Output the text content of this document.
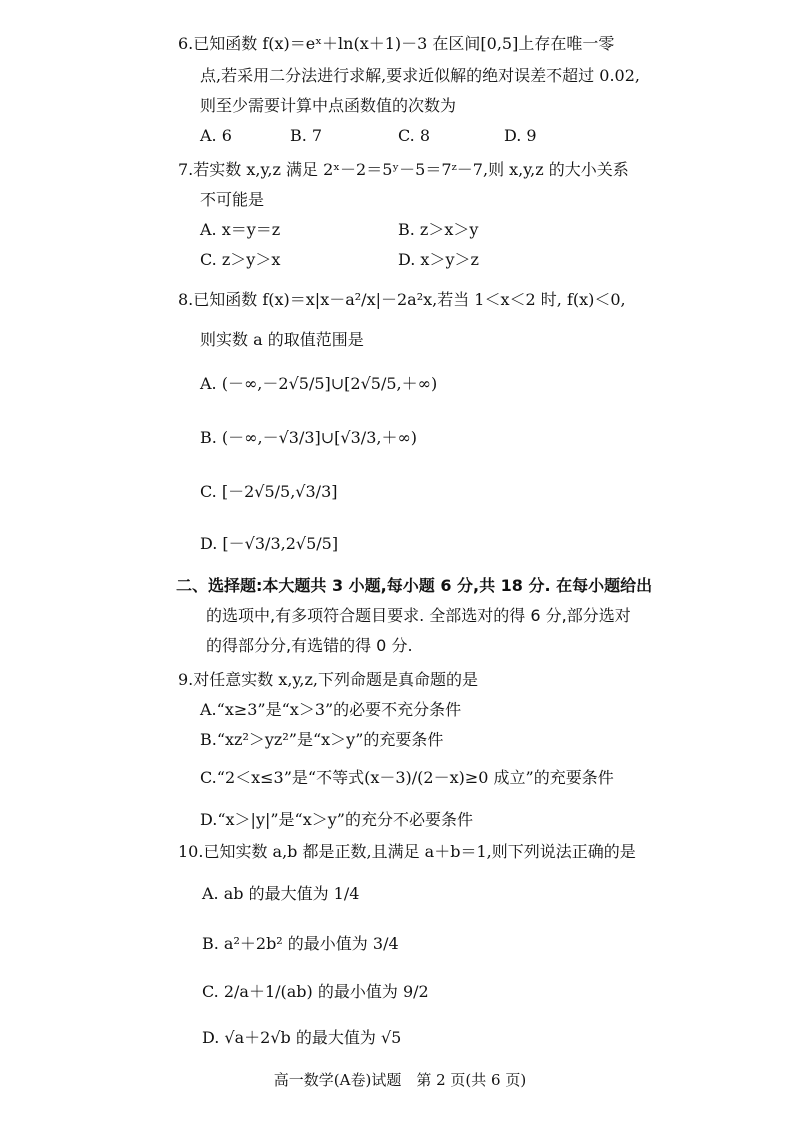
6.已知函数 f(x)＝eˣ＋ln(x＋1)－3 在区间[0,5]上存在唯一零
点,若采用二分法进行求解,要求近似解的绝对误差不超过 0.02,
则至少需要计算中点函数值的次数为
A. 6	B. 7	C. 8	D. 9
7.若实数 x,y,z 满足 2ˣ－2＝5ʸ－5＝7ᶻ－7,则 x,y,z 的大小关系
不可能是
A. x＝y＝z	B. z＞x＞y
C. z＞y＞x	D. x＞y＞z
8.已知函数 f(x)＝x|x－a²/x|－2a²x,若当 1＜x＜2 时, f(x)＜0,
则实数 a 的取值范围是
A. (－∞,－2√5/5]∪[2√5/5,＋∞)
B. (－∞,－√3/3]∪[√3/3,＋∞)
C. [－2√5/5,√3/3]
D. [－√3/3,2√5/5]
二、选择题:本大题共 3 小题,每小题 6 分,共 18 分. 在每小题给出
的选项中,有多项符合题目要求. 全部选对的得 6 分,部分选对
的得部分分,有选错的得 0 分.
9.对任意实数 x,y,z,下列命题是真命题的是
A.“x≥3”是“x＞3”的必要不充分条件
B.“xz²＞yz²”是“x＞y”的充要条件
C.“2＜x≤3”是“不等式(x－3)/(2－x)≥0 成立”的充要条件
D.“x＞|y|”是“x＞y”的充分不必要条件
10.已知实数 a,b 都是正数,且满足 a＋b＝1,则下列说法正确的是
A. ab 的最大值为 1/4
B. a²＋2b² 的最小值为 3/4
C. 2/a＋1/(ab) 的最小值为 9/2
D. √a＋2√b 的最大值为 √5
高一数学(A卷)试题　第 2 页(共 6 页)
